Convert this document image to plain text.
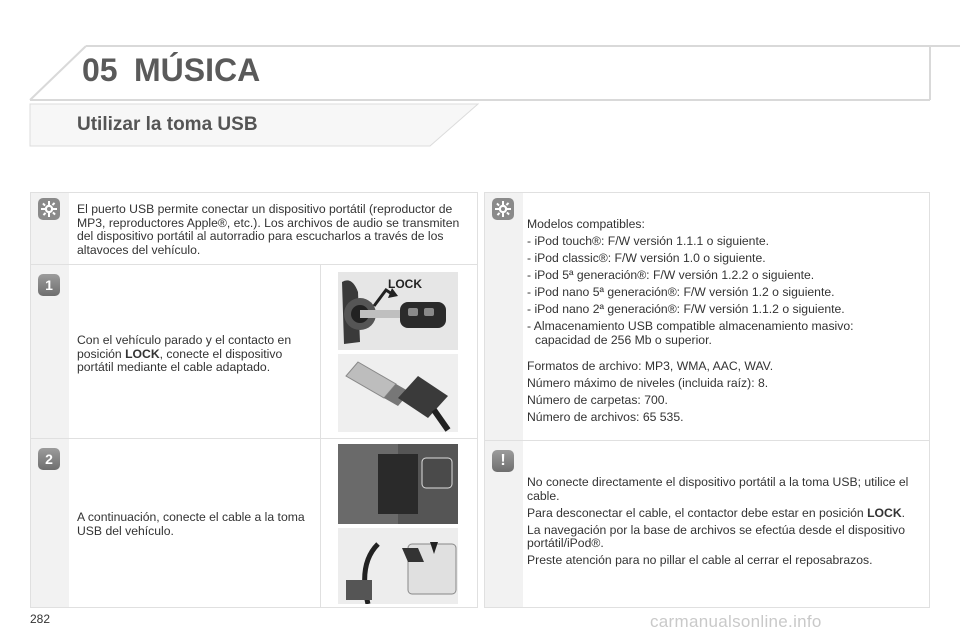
05 MÚSICA
Utilizar la toma USB
El puerto USB permite conectar un dispositivo portátil (reproductor de MP3, reproductores Apple®, etc.). Los archivos de audio se transmiten del dispositivo portátil al autorradio para escucharlos a través de los altavoces del vehículo.
1
Con el vehículo parado y el contacto en posición LOCK, conecte el dispositivo portátil mediante el cable adaptado.
LOCK
2
A continuación, conecte el cable a la toma USB del vehículo.
Modelos compatibles:
- iPod touch®: F/W versión 1.1.1 o siguiente.
- iPod classic®: F/W versión 1.0 o siguiente.
- iPod 5ª generación®: F/W versión 1.2.2 o siguiente.
- iPod nano 5ª generación®: F/W versión 1.2 o siguiente.
- iPod nano 2ª generación®: F/W versión 1.1.2 o siguiente.
- Almacenamiento USB compatible almacenamiento masivo:
capacidad de 256 Mb o superior.
Formatos de archivo: MP3, WMA, AAC, WAV.
Número máximo de niveles (incluida raíz): 8.
Número de carpetas: 700.
Número de archivos: 65 535.
!
No conecte directamente el dispositivo portátil a la toma USB; utilice el cable.
Para desconectar el cable, el contactor debe estar en posición LOCK.
La navegación por la base de archivos se efectúa desde el dispositivo portátil/iPod®.
Preste atención para no pillar el cable al cerrar el reposabrazos.
282	carmanualsonline.info
